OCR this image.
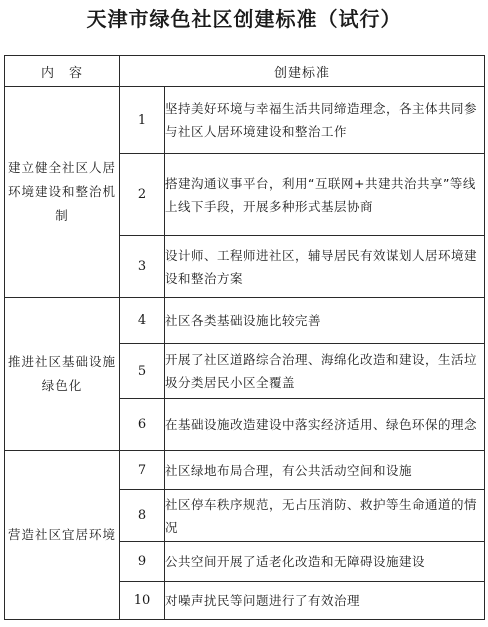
天津市绿色社区创建标准（试行）
内　容	创建标准	
建立健全社区人居环境建设和整治机制	1	坚持美好环境与幸福生活共同缔造理念，各主体共同参与社区人居环境建设和整治工作
	2	搭建沟通议事平台，利用“互联网+共建共治共享”等线上线下手段，开展多种形式基层协商
	3	设计师、工程师进社区，辅导居民有效谋划人居环境建设和整治方案
推进社区基础设施绿色化	4	社区各类基础设施比较完善
	5	开展了社区道路综合治理、海绵化改造和建设，生活垃圾分类居民小区全覆盖
	6	在基础设施改造建设中落实经济适用、绿色环保的理念
营造社区宜居环境	7	社区绿地布局合理，有公共活动空间和设施
	8	社区停车秩序规范，无占压消防、救护等生命通道的情况
	9	公共空间开展了适老化改造和无障碍设施建设
	10	对噪声扰民等问题进行了有效治理
